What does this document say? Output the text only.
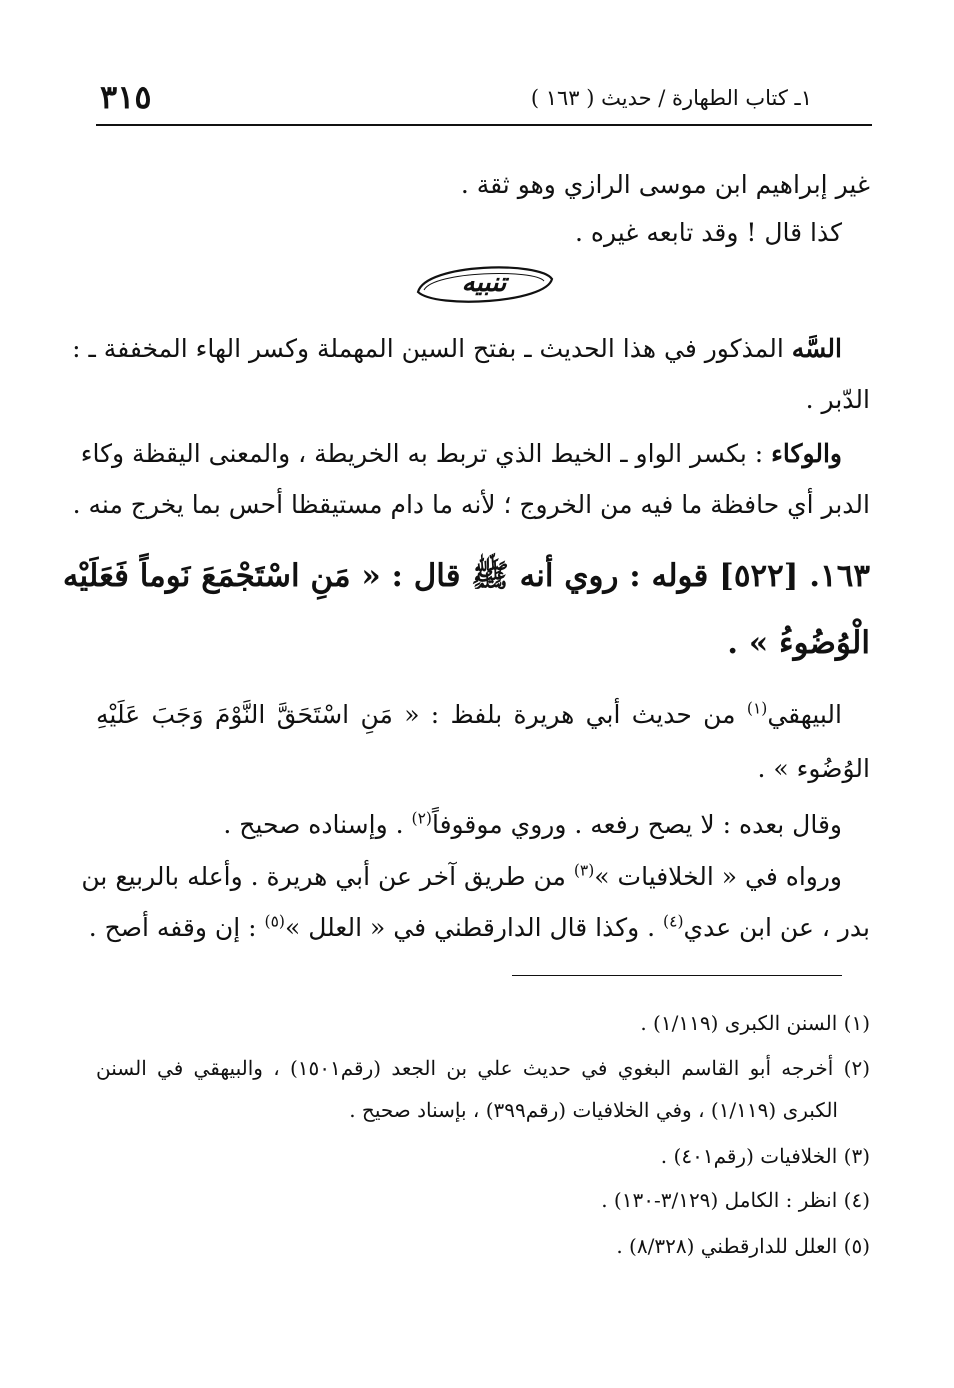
١ـ كتاب الطهارة / حديث ( ١٦٣ )
٣١٥
غير إبراهيم ابن موسى الرازي وهو ثقة .
كذا قال ! وقد تابعه غيره .
تنبيه
السَّه المذكور في هذا الحديث ـ بفتح السين المهملة وكسر الهاء المخففة ـ :
الدّبر .
والوكاء : بكسر الواو ـ الخيط الذي تربط به الخريطة ، والمعنى اليقظة وكاء
الدبر أي حافظة ما فيه من الخروج ؛ لأنه ما دام مستيقظا أحس بما يخرج منه .
١٦٣. [٥٢٢] قوله : روي أنه ﷺ قال : « مَنِ اسْتَجْمَعَ نَوماً فَعَلَيْه
الْوُضُوءُ » .
البيهقي$^{(١)}$ من حديث أبي هريرة بلفظ : « مَنِ اسْتَحَقَّ النَّوْمَ وَجَبَ عَلَيْهِ
الوُضُوء » .
وقال بعده : لا يصح رفعه . وروي موقوفاً$^{(٢)}$ . وإسناده صحيح .
ورواه في « الخلافيات »$^{(٣)}$ من طريق آخر عن أبي هريرة . وأعله بالربيع بن
بدر ، عن ابن عدي$^{(٤)}$ . وكذا قال الدارقطني في « العلل »$^{(٥)}$ : إن وقفه أصح .
(١) السنن الكبرى (١/١١٩) .
(٢) أخرجه أبو القاسم البغوي في حديث علي بن الجعد (رقم١٥٠١) ، والبيهقي في السنن
الكبرى (١/١١٩) ، وفي الخلافيات (رقم٣٩٩) ، بإسناد صحيح .
(٣) الخلافيات (رقم٤٠١) .
(٤) انظر : الكامل (٣/١٢٩-١٣٠) .
(٥) العلل للدارقطني (٨/٣٢٨) .
